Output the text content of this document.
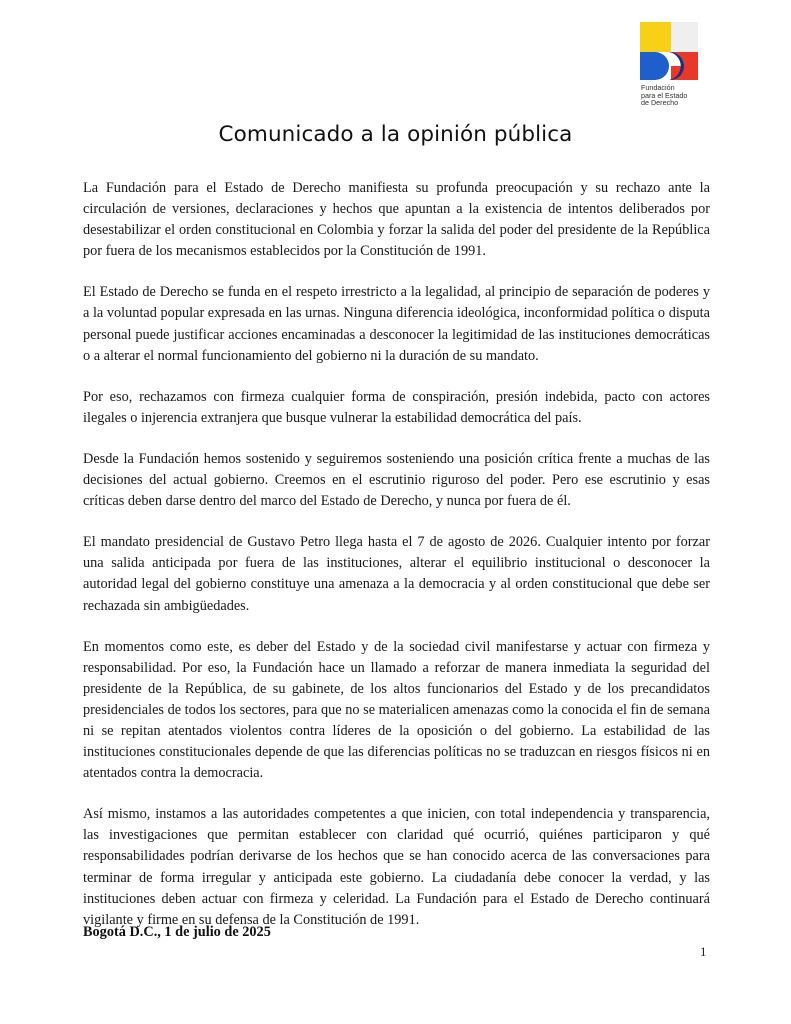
Fundación
para el Estado
de Derecho
Comunicado a la opinión pública

La Fundación para el Estado de Derecho manifiesta su profunda preocupación y su rechazo ante la circulación de versiones, declaraciones y hechos que apuntan a la existencia de intentos deliberados por desestabilizar el orden constitucional en Colombia y forzar la salida del poder del presidente de la República por fuera de los mecanismos establecidos por la Constitución de 1991.

El Estado de Derecho se funda en el respeto irrestricto a la legalidad, al principio de separación de poderes y a la voluntad popular expresada en las urnas. Ninguna diferencia ideológica, inconformidad política o disputa personal puede justificar acciones encaminadas a desconocer la legitimidad de las instituciones democráticas o a alterar el normal funcionamiento del gobierno ni la duración de su mandato.

Por eso, rechazamos con firmeza cualquier forma de conspiración, presión indebida, pacto con actores ilegales o injerencia extranjera que busque vulnerar la estabilidad democrática del país.

Desde la Fundación hemos sostenido y seguiremos sosteniendo una posición crítica frente a muchas de las decisiones del actual gobierno. Creemos en el escrutinio riguroso del poder. Pero ese escrutinio y esas críticas deben darse dentro del marco del Estado de Derecho, y nunca por fuera de él.

El mandato presidencial de Gustavo Petro llega hasta el 7 de agosto de 2026. Cualquier intento por forzar una salida anticipada por fuera de las instituciones, alterar el equilibrio institucional o desconocer la autoridad legal del gobierno constituye una amenaza a la democracia y al orden constitucional que debe ser rechazada sin ambigüedades.

En momentos como este, es deber del Estado y de la sociedad civil manifestarse y actuar con firmeza y responsabilidad. Por eso, la Fundación hace un llamado a reforzar de manera inmediata la seguridad del presidente de la República, de su gabinete, de los altos funcionarios del Estado y de los precandidatos presidenciales de todos los sectores, para que no se materialicen amenazas como la conocida el fin de semana ni se repitan atentados violentos contra líderes de la oposición o del gobierno. La estabilidad de las instituciones constitucionales depende de que las diferencias políticas no se traduzcan en riesgos físicos ni en atentados contra la democracia.

Así mismo, instamos a las autoridades competentes a que inicien, con total independencia y transparencia, las investigaciones que permitan establecer con claridad qué ocurrió, quiénes participaron y qué responsabilidades podrían derivarse de los hechos que se han conocido acerca de las conversaciones para terminar de forma irregular y anticipada este gobierno. La ciudadanía debe conocer la verdad, y las instituciones deben actuar con firmeza y celeridad. La Fundación para el Estado de Derecho continuará vigilante y firme en su defensa de la Constitución de 1991.

Bogotá D.C., 1 de julio de 2025
1
